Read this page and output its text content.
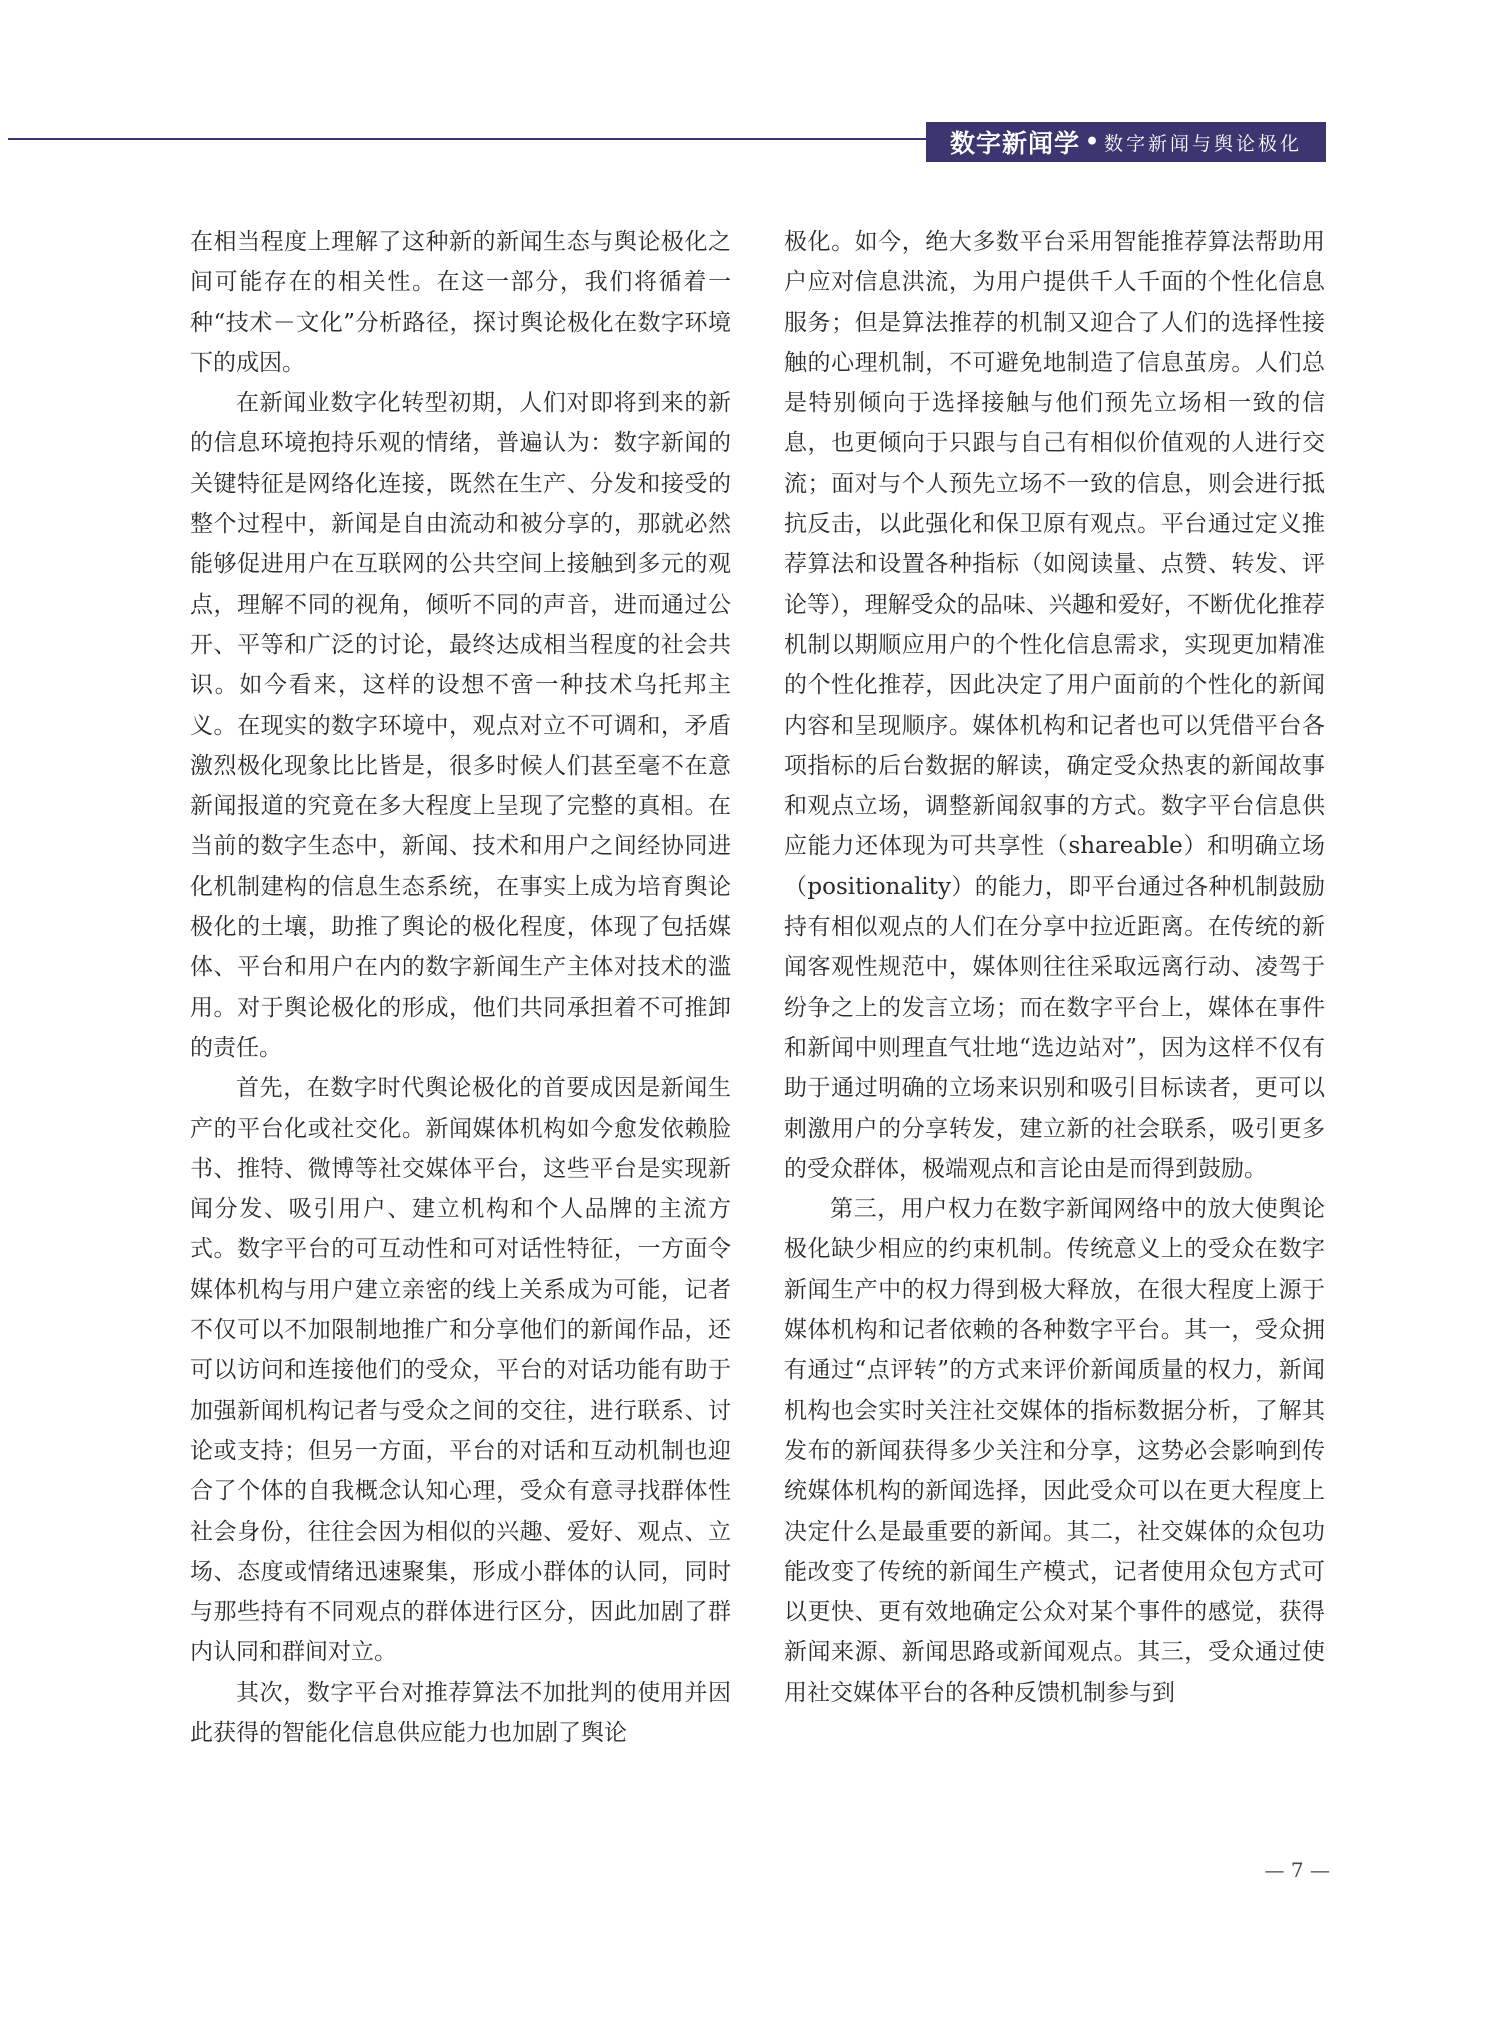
数字新闻学 • 数字新闻与舆论极化

在相当程度上理解了这种新的新闻生态与舆论极化之间可能存在的相关性。在这一部分，我们将循着一种“技术－文化”分析路径，探讨舆论极化在数字环境下的成因。

在新闻业数字化转型初期，人们对即将到来的新的信息环境抱持乐观的情绪，普遍认为：数字新闻的关键特征是网络化连接，既然在生产、分发和接受的整个过程中，新闻是自由流动和被分享的，那就必然能够促进用户在互联网的公共空间上接触到多元的观点，理解不同的视角，倾听不同的声音，进而通过公开、平等和广泛的讨论，最终达成相当程度的社会共识。如今看来，这样的设想不啻一种技术乌托邦主义。在现实的数字环境中，观点对立不可调和，矛盾激烈极化现象比比皆是，很多时候人们甚至毫不在意新闻报道的究竟在多大程度上呈现了完整的真相。在当前的数字生态中，新闻、技术和用户之间经协同进化机制建构的信息生态系统，在事实上成为培育舆论极化的土壤，助推了舆论的极化程度，体现了包括媒体、平台和用户在内的数字新闻生产主体对技术的滥用。对于舆论极化的形成，他们共同承担着不可推卸的责任。

首先，在数字时代舆论极化的首要成因是新闻生产的平台化或社交化。新闻媒体机构如今愈发依赖脸书、推特、微博等社交媒体平台，这些平台是实现新闻分发、吸引用户、建立机构和个人品牌的主流方式。数字平台的可互动性和可对话性特征，一方面令媒体机构与用户建立亲密的线上关系成为可能，记者不仅可以不加限制地推广和分享他们的新闻作品，还可以访问和连接他们的受众，平台的对话功能有助于加强新闻机构记者与受众之间的交往，进行联系、讨论或支持；但另一方面，平台的对话和互动机制也迎合了个体的自我概念认知心理，受众有意寻找群体性社会身份，往往会因为相似的兴趣、爱好、观点、立场、态度或情绪迅速聚集，形成小群体的认同，同时与那些持有不同观点的群体进行区分，因此加剧了群内认同和群间对立。

其次，数字平台对推荐算法不加批判的使用并因此获得的智能化信息供应能力也加剧了舆论

极化。如今，绝大多数平台采用智能推荐算法帮助用户应对信息洪流，为用户提供千人千面的个性化信息服务；但是算法推荐的机制又迎合了人们的选择性接触的心理机制，不可避免地制造了信息茧房。人们总是特别倾向于选择接触与他们预先立场相一致的信息，也更倾向于只跟与自己有相似价值观的人进行交流；面对与个人预先立场不一致的信息，则会进行抵抗反击，以此强化和保卫原有观点。平台通过定义推荐算法和设置各种指标（如阅读量、点赞、转发、评论等），理解受众的品味、兴趣和爱好，不断优化推荐机制以期顺应用户的个性化信息需求，实现更加精准的个性化推荐，因此决定了用户面前的个性化的新闻内容和呈现顺序。媒体机构和记者也可以凭借平台各项指标的后台数据的解读，确定受众热衷的新闻故事和观点立场，调整新闻叙事的方式。数字平台信息供应能力还体现为可共享性（shareable）和明确立场（positionality）的能力，即平台通过各种机制鼓励持有相似观点的人们在分享中拉近距离。在传统的新闻客观性规范中，媒体则往往采取远离行动、凌驾于纷争之上的发言立场；而在数字平台上，媒体在事件和新闻中则理直气壮地“选边站对”，因为这样不仅有助于通过明确的立场来识别和吸引目标读者，更可以刺激用户的分享转发，建立新的社会联系，吸引更多的受众群体，极端观点和言论由是而得到鼓励。

第三，用户权力在数字新闻网络中的放大使舆论极化缺少相应的约束机制。传统意义上的受众在数字新闻生产中的权力得到极大释放，在很大程度上源于媒体机构和记者依赖的各种数字平台。其一，受众拥有通过“点评转”的方式来评价新闻质量的权力，新闻机构也会实时关注社交媒体的指标数据分析，了解其发布的新闻获得多少关注和分享，这势必会影响到传统媒体机构的新闻选择，因此受众可以在更大程度上决定什么是最重要的新闻。其二，社交媒体的众包功能改变了传统的新闻生产模式，记者使用众包方式可以更快、更有效地确定公众对某个事件的感觉，获得新闻来源、新闻思路或新闻观点。其三，受众通过使用社交媒体平台的各种反馈机制参与到

— 7 —
